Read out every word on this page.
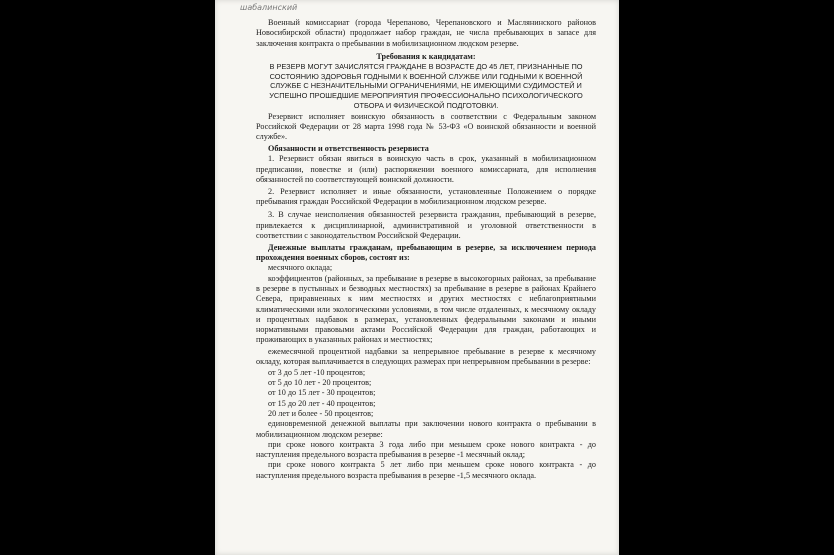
шабалинский

Военный комиссариат (города Черепаново, Черепановского и Маслянинского районов Новосибирской области) продолжает набор граждан, не числа пребывающих в запасе для заключения контракта о пребывании в мобилизационном людском резерве.

Требования к кандидатам:

В РЕЗЕРВ МОГУТ ЗАЧИСЛЯТСЯ ГРАЖДАНЕ В ВОЗРАСТЕ ДО 45 ЛЕТ, ПРИЗНАННЫЕ ПО СОСТОЯНИЮ ЗДОРОВЬЯ ГОДНЫМИ К ВОЕННОЙ СЛУЖБЕ ИЛИ ГОДНЫМИ К ВОЕННОЙ СЛУЖБЕ С НЕЗНАЧИТЕЛЬНЫМИ ОГРАНИЧЕНИЯМИ, НЕ ИМЕЮЩИМИ СУДИМОСТЕЙ И УСПЕШНО ПРОШЕДШИЕ МЕРОПРИЯТИЯ ПРОФЕССИОНАЛЬНО ПСИХОЛОГИЧЕСКОГО ОТБОРА И ФИЗИЧЕСКОЙ ПОДГОТОВКИ.

Резервист исполняет воинскую обязанность в соответствии с Федеральным законом Российской Федерации от 28 марта 1998 года № 53-ФЗ «О воинской обязанности и военной службе».

Обязанности и ответственность резервиста

1. Резервист обязан явиться в воинскую часть в срок, указанный в мобилизационном предписании, повестке и (или) распоряжении военного комиссариата, для исполнения обязанностей по соответствующей воинской должности.

2. Резервист исполняет и иные обязанности, установленные Положением о порядке пребывания граждан Российской Федерации в мобилизационном людском резерве.

3. В случае неисполнения обязанностей резервиста гражданин, пребывающий в резерве, привлекается к дисциплинарной, административной и уголовной ответственности в соответствии с законодательством Российской Федерации.

Денежные выплаты гражданам, пребывающим в резерве, за исключением периода прохождения военных сборов, состоят из:

месячного оклада;

коэффициентов (районных, за пребывание в резерве в высокогорных районах, за пребывание в резерве в пустынных и безводных местностях) за пребывание в резерве в районах Крайнего Севера, приравненных к ним местностях и других местностях с неблагоприятными климатическими или экологическими условиями, в том числе отдаленных, к месячному окладу и процентных надбавок в размерах, установленных федеральными законами и иными нормативными правовыми актами Российской Федерации для граждан, работающих и проживающих в указанных районах и местностях;

ежемесячной процентной надбавки за непрерывное пребывание в резерве к месячному окладу, которая выплачивается в следующих размерах при непрерывном пребывании в резерве:

от 3 до 5 лет -10 процентов;

от 5 до 10 лет - 20 процентов;

от 10 до 15 лет - 30 процентов;

от 15 до 20 лет - 40 процентов;

20 лет и более - 50 процентов;

единовременной денежной выплаты при заключении нового контракта о пребывании в мобилизационном людском резерве:

при сроке нового контракта 3 года либо при меньшем сроке нового контракта - до наступления предельного возраста пребывания в резерве -1 месячный оклад;

при сроке нового контракта 5 лет либо при меньшем сроке нового контракта - до наступления предельного возраста пребывания в резерве -1,5 месячного оклада.
